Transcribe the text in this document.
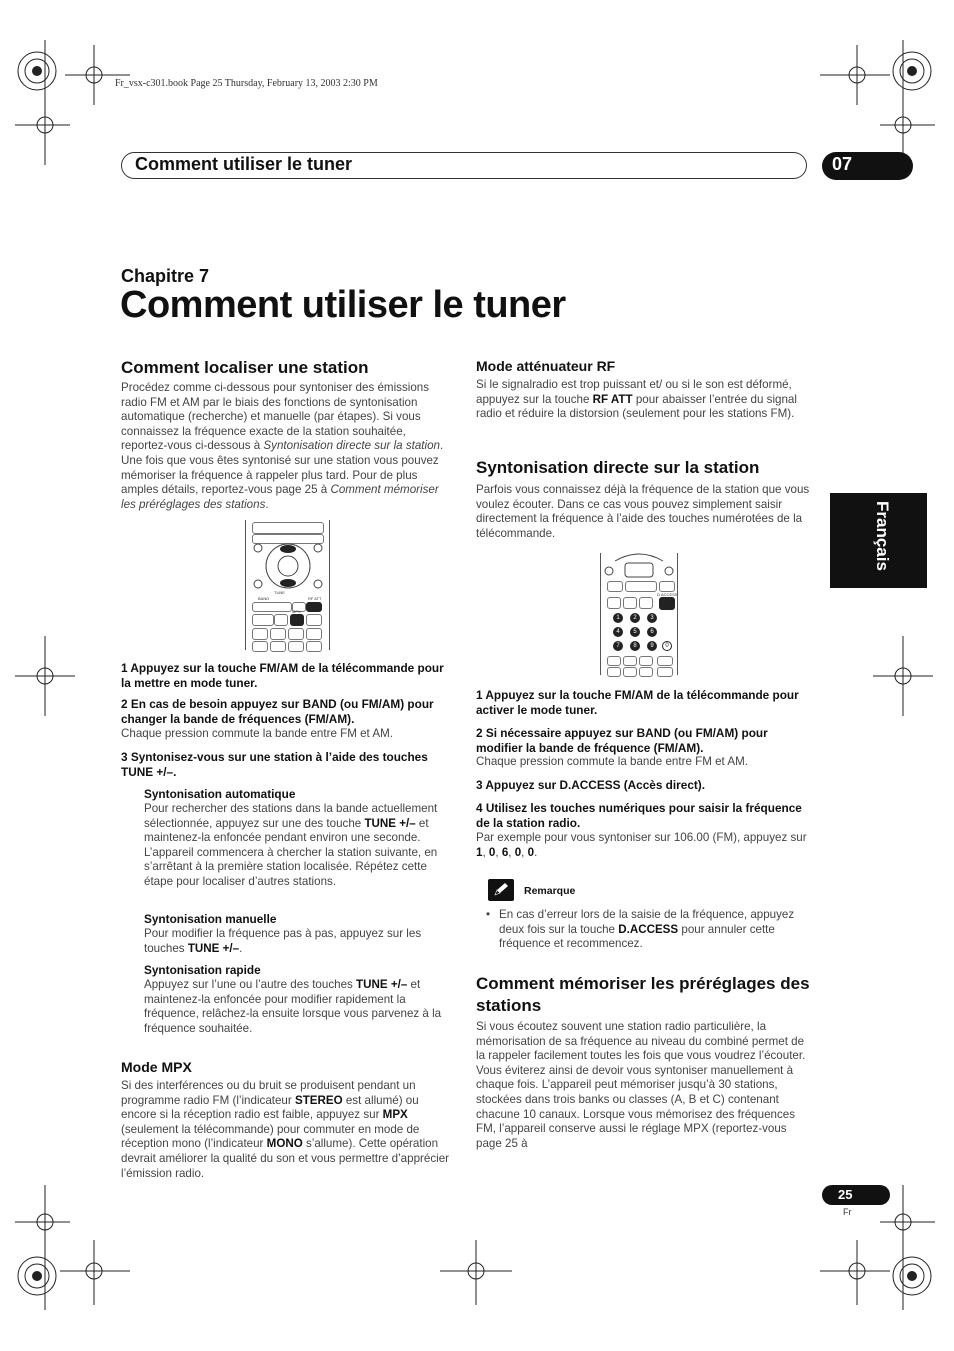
Fr_vsx-c301.book Page 25 Thursday, February 13, 2003 2:30 PM
Comment utiliser le tuner	07
Chapitre 7
Comment utiliser le tuner
Français
Comment localiser une station
Procédez comme ci-dessous pour syntoniser des émissions radio FM et AM par le biais des fonctions de syntonisation automatique (recherche) et manuelle (par étapes). Si vous connaissez la fréquence exacte de la station souhaitée, reportez-vous ci-dessous à Syntonisation directe sur la station. Une fois que vous êtes syntonisé sur une station vous pouvez mémoriser la fréquence à rappeler plus tard. Pour de plus amples détails, reportez-vous page 25 à Comment mémoriser les préréglages des stations.
TUNE
BAND	RF ATT
MPX
1 Appuyez sur la touche FM/AM de la télécommande pour la mettre en mode tuner.
2 En cas de besoin appuyez sur BAND (ou FM/AM) pour changer la bande de fréquences (FM/AM).
Chaque pression commute la bande entre FM et AM.
3 Syntonisez-vous sur une station à l’aide des touches TUNE +/–.
Syntonisation automatique
Pour rechercher des stations dans la bande actuellement sélectionnée, appuyez sur une des touche TUNE +/– et maintenez-la enfoncée pendant environ une seconde. L’appareil commencera à chercher la station suivante, en s’arrêtant à la première station localisée. Répétez cette étape pour localiser d’autres stations.
Syntonisation manuelle
Pour modifier la fréquence pas à pas, appuyez sur les touches TUNE +/–.
Syntonisation rapide
Appuyez sur l’une ou l’autre des touches TUNE +/– et maintenez-la enfoncée pour modifier rapidement la fréquence, relâchez-la ensuite lorsque vous parvenez à la fréquence souhaitée.
Mode MPX
Si des interférences ou du bruit se produisent pendant un programme radio FM (l’indicateur STEREO est allumé) ou encore si la réception radio est faible, appuyez sur MPX (seulement la télécommande) pour commuter en mode de réception mono (l’indicateur MONO s’allume). Cette opération devrait améliorer la qualité du son et vous permettre d’apprécier l’émission radio.
Mode atténuateur RF
Si le signalradio est trop puissant et/ ou si le son est déformé, appuyez sur la touche RF ATT pour abaisser l’entrée du signal radio et réduire la distorsion (seulement pour les stations FM).
Syntonisation directe sur la station
Parfois vous connaissez déjà la fréquence de la station que vous voulez écouter. Dans ce cas vous pouvez simplement saisir directement la fréquence à l’aide des touches numérotées de la télécommande.
D.ACCESS
1	2	3
4	5	6
7	8	9	0
1 Appuyez sur la touche FM/AM de la télécommande pour activer le mode tuner.
2 Si nécessaire appuyez sur BAND (ou FM/AM) pour modifier la bande de fréquence (FM/AM).
Chaque pression commute la bande entre FM et AM.
3 Appuyez sur D.ACCESS (Accès direct).
4 Utilisez les touches numériques pour saisir la fréquence de la station radio.
Par exemple pour vous syntoniser sur 106.00 (FM), appuyez sur 1, 0, 6, 0, 0.
Remarque
• En cas d’erreur lors de la saisie de la fréquence, appuyez deux fois sur la touche D.ACCESS pour annuler cette fréquence et recommencez.
Comment mémoriser les préréglages des stations
Si vous écoutez souvent une station radio particulière, la mémorisation de sa fréquence au niveau du combiné permet de la rappeler facilement toutes les fois que vous voudrez l’écouter. Vous éviterez ainsi de devoir vous syntoniser manuellement à chaque fois. L’appareil peut mémoriser jusqu’à 30 stations, stockées dans trois banks ou classes (A, B et C) contenant chacune 10 canaux. Lorsque vous mémorisez des fréquences FM, l’appareil conserve aussi le réglage MPX (reportez-vous page 25 à
25
Fr
